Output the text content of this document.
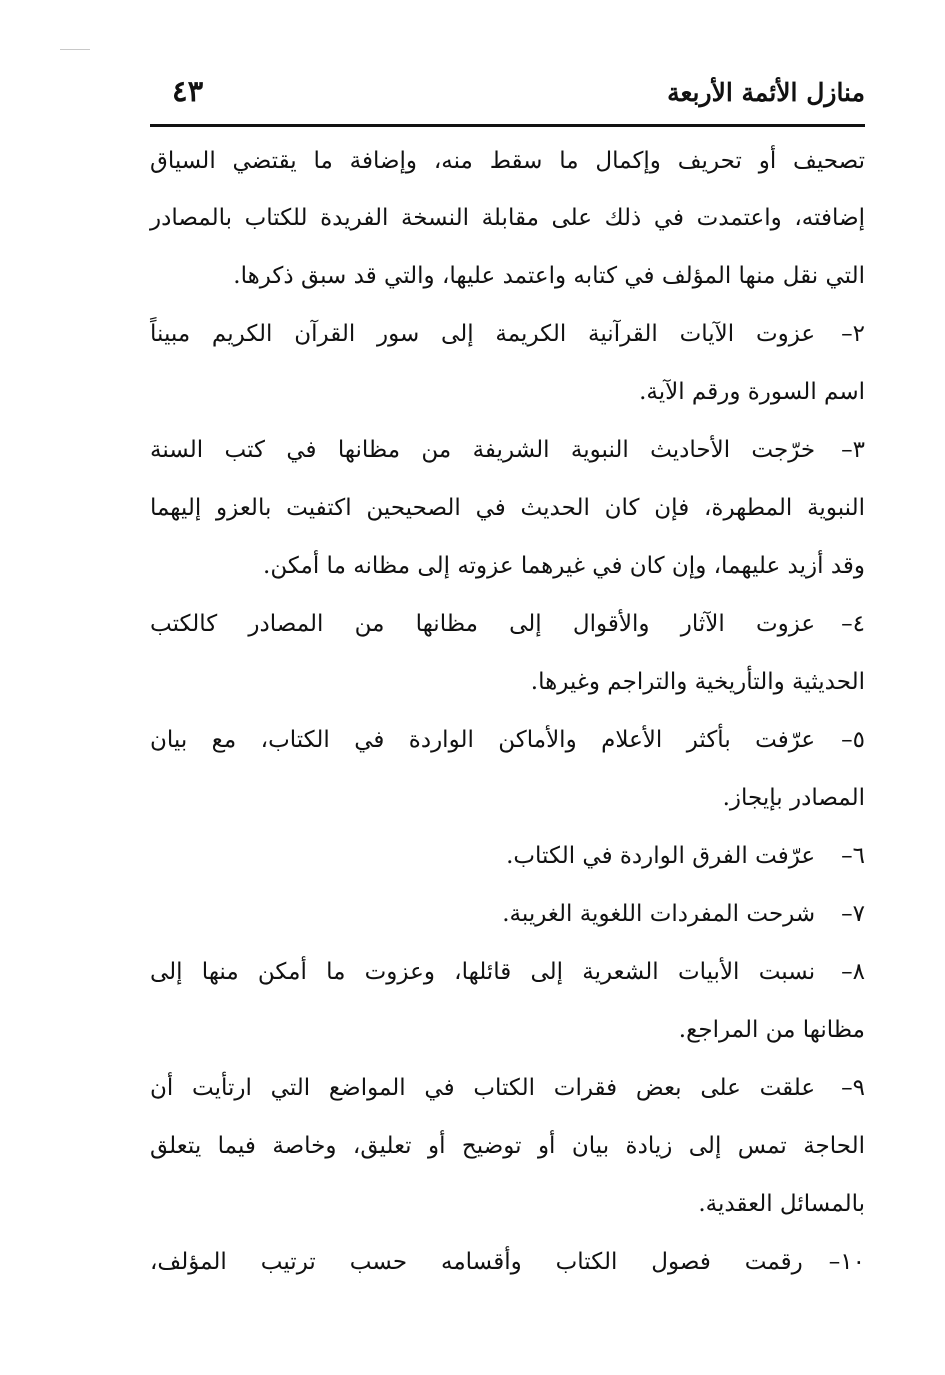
منازل الأئمة الأربعة
٤٣
تصحيف أو تحريف وإكمال ما سقط منه، وإضافة ما يقتضي السياق
إضافته، واعتمدت في ذلك على مقابلة النسخة الفريدة للكتاب بالمصادر
التي نقل منها المؤلف في كتابه واعتمد عليها، والتي قد سبق ذكرها.
٢–عزوت الآيات القرآنية الكريمة إلى سور القرآن الكريم مبيناً
اسم السورة ورقم الآية.
٣–خرّجت الأحاديث النبوية الشريفة من مظانها في كتب السنة
النبوية المطهرة، فإن كان الحديث في الصحيحين اكتفيت بالعزو إليهما
وقد أزيد عليهما، وإن كان في غيرهما عزوته إلى مظانه ما أمكن.
٤–عزوت الآثار والأقوال إلى مظانها من المصادر كالكتب
الحديثية والتأريخية والتراجم وغيرها.
٥–عرّفت بأكثر الأعلام والأماكن الواردة في الكتاب، مع بيان
المصادر بإيجاز.
٦–عرّفت الفرق الواردة في الكتاب.
٧–شرحت المفردات اللغوية الغريبة.
٨–نسبت الأبيات الشعرية إلى قائلها، وعزوت ما أمكن منها إلى
مظانها من المراجع.
٩–علقت على بعض فقرات الكتاب في المواضع التي ارتأيت أن
الحاجة تمس إلى زيادة بيان أو توضيح أو تعليق، وخاصة فيما يتعلق
بالمسائل العقدية.
١٠–رقمت فصول الكتاب وأقسامه حسب ترتيب المؤلف،
